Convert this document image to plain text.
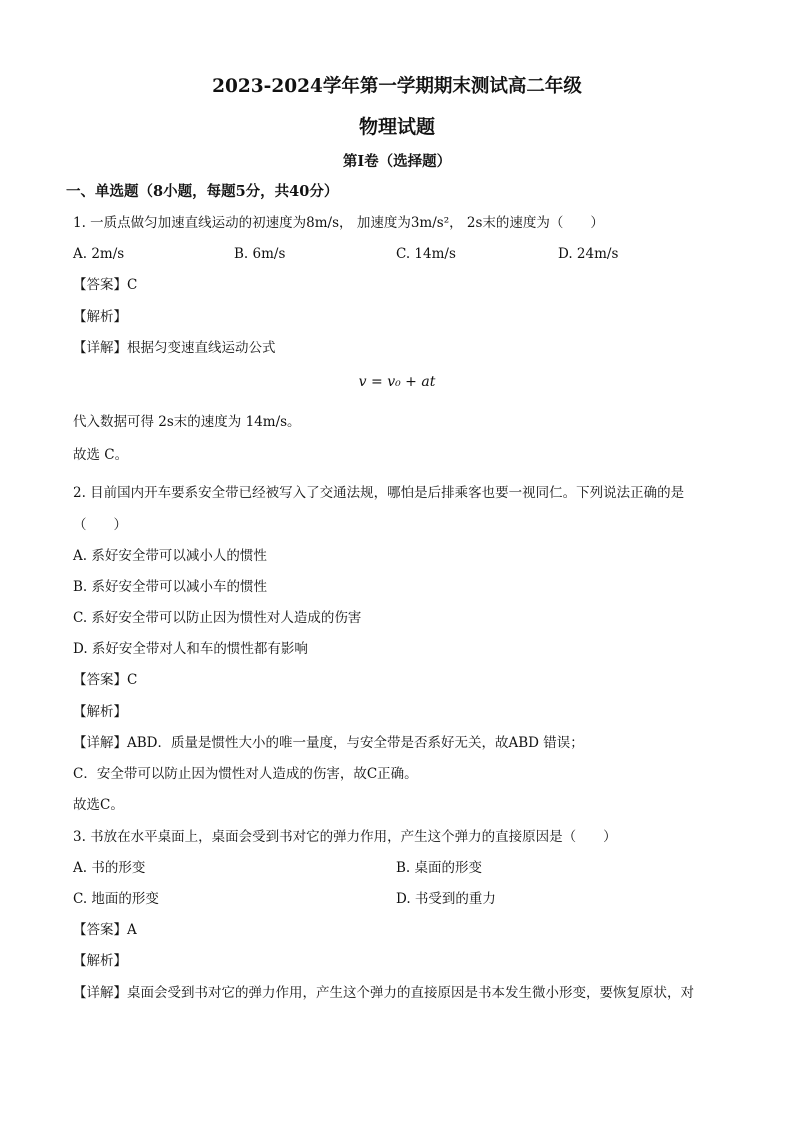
2023-2024学年第一学期期末测试高二年级
物理试题
第Ⅰ卷（选择题）
一、单选题（8小题，每题5分，共40分）
1. 一质点做匀加速直线运动的初速度为8m/s， 加速度为3m/s²， 2s末的速度为（　　）
A. 2m/s	B. 6m/s	C. 14m/s	D. 24m/s
【答案】C
【解析】
【详解】根据匀变速直线运动公式
v = v₀ + at
代入数据可得 2s末的速度为 14m/s。
故选 C。
2. 目前国内开车要系安全带已经被写入了交通法规，哪怕是后排乘客也要一视同仁。下列说法正确的是
（　　）
A. 系好安全带可以减小人的惯性
B. 系好安全带可以减小车的惯性
C. 系好安全带可以防止因为惯性对人造成的伤害
D. 系好安全带对人和车的惯性都有影响
【答案】C
【解析】
【详解】ABD．质量是惯性大小的唯一量度，与安全带是否系好无关，故ABD 错误；
C．安全带可以防止因为惯性对人造成的伤害，故C正确。
故选C。
3. 书放在水平桌面上，桌面会受到书对它的弹力作用，产生这个弹力的直接原因是（　　）
A. 书的形变	B. 桌面的形变
C. 地面的形变	D. 书受到的重力
【答案】A
【解析】
【详解】桌面会受到书对它的弹力作用，产生这个弹力的直接原因是书本发生微小形变，要恢复原状，对
